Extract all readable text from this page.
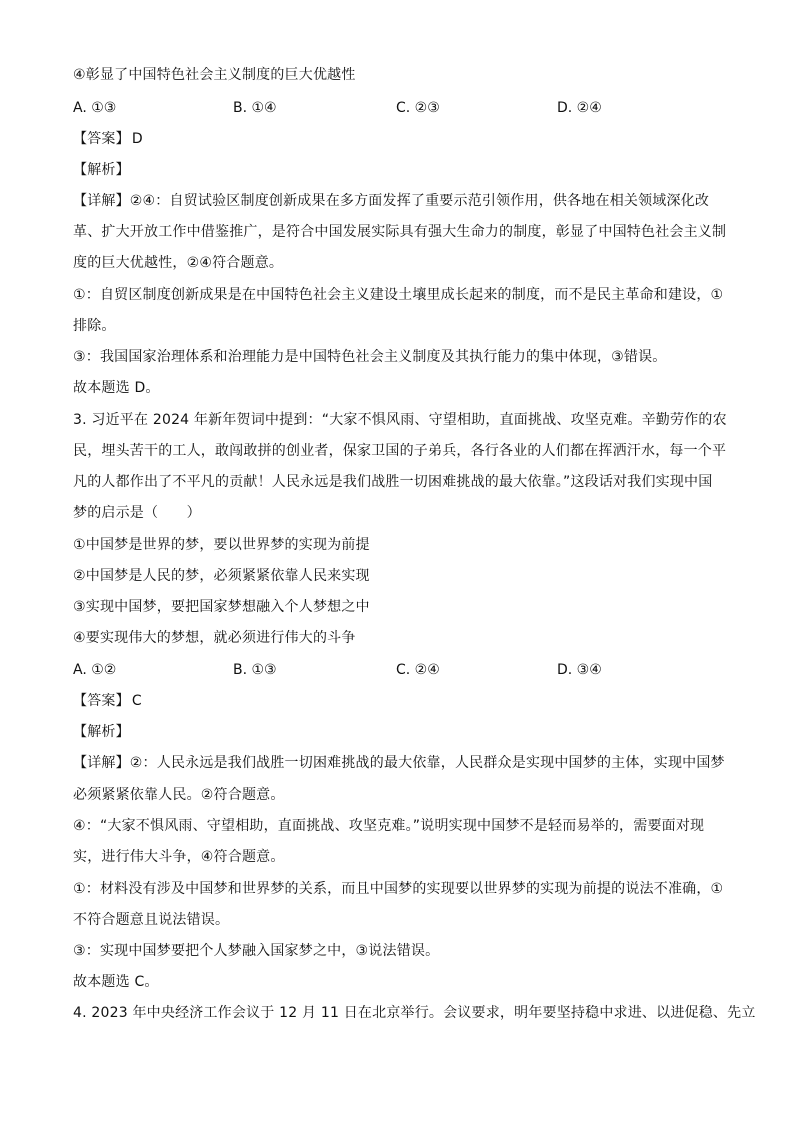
④彰显了中国特色社会主义制度的巨大优越性
A. ①③	B. ①④	C. ②③	D. ②④
【答案】 D
【解析】
【详解】②④：自贸试验区制度创新成果在多方面发挥了重要示范引领作用，供各地在相关领域深化改
革、扩大开放工作中借鉴推广，是符合中国发展实际具有强大生命力的制度，彰显了中国特色社会主义制
度的巨大优越性，②④符合题意。
①：自贸区制度创新成果是在中国特色社会主义建设土壤里成长起来的制度，而不是民主革命和建设，①
排除。
③：我国国家治理体系和治理能力是中国特色社会主义制度及其执行能力的集中体现，③错误。
故本题选 D。
3. 习近平在 2024 年新年贺词中提到：“大家不惧风雨、守望相助，直面挑战、攻坚克难。辛勤劳作的农
民，埋头苦干的工人，敢闯敢拼的创业者，保家卫国的子弟兵，各行各业的人们都在挥洒汗水，每一个平
凡的人都作出了不平凡的贡献！人民永远是我们战胜一切困难挑战的最大依靠。”这段话对我们实现中国
梦的启示是（　　）
①中国梦是世界的梦，要以世界梦的实现为前提
②中国梦是人民的梦，必须紧紧依靠人民来实现
③实现中国梦，要把国家梦想融入个人梦想之中
④要实现伟大的梦想，就必须进行伟大的斗争
A. ①②	B. ①③	C. ②④	D. ③④
【答案】 C
【解析】
【详解】②：人民永远是我们战胜一切困难挑战的最大依靠，人民群众是实现中国梦的主体，实现中国梦
必须紧紧依靠人民。②符合题意。
④：“大家不惧风雨、守望相助，直面挑战、攻坚克难。”说明实现中国梦不是轻而易举的，需要面对现
实，进行伟大斗争，④符合题意。
①：材料没有涉及中国梦和世界梦的关系，而且中国梦的实现要以世界梦的实现为前提的说法不准确，①
不符合题意且说法错误。
③：实现中国梦要把个人梦融入国家梦之中，③说法错误。
故本题选 C。
4. 2023 年中央经济工作会议于 12 月 11 日在北京举行。会议要求，明年要坚持稳中求进、以进促稳、先立
